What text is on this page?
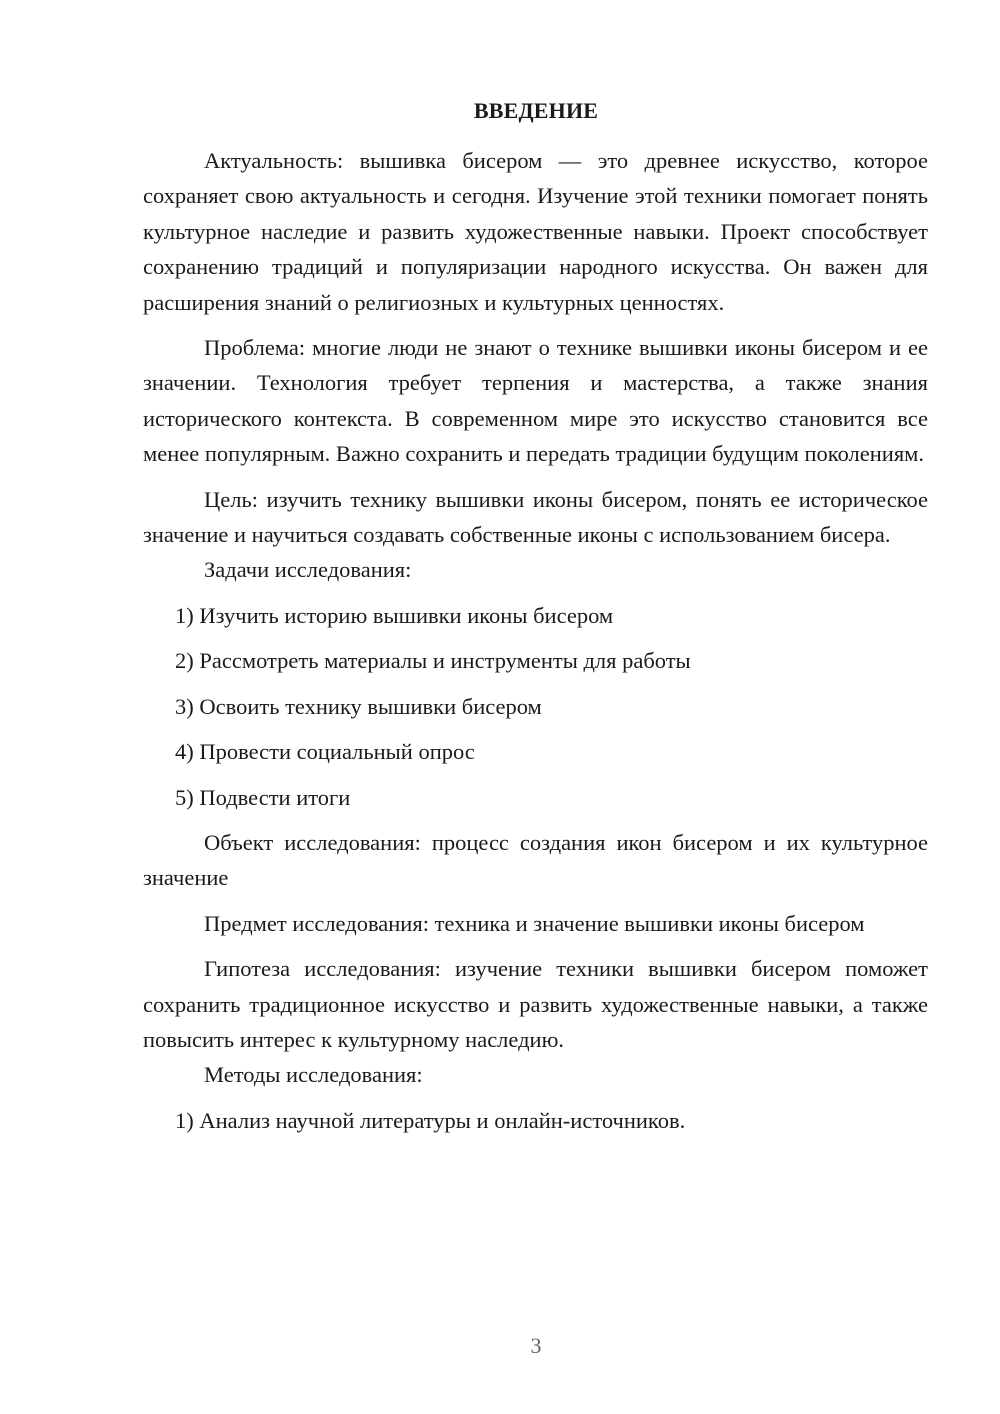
ВВЕДЕНИЕ

Актуальность: вышивка бисером — это древнее искусство, которое сохраняет свою актуальность и сегодня. Изучение этой техники помогает понять культурное наследие и развить художественные навыки. Проект способствует сохранению традиций и популяризации народного искусства. Он важен для расширения знаний о религиозных и культурных ценностях.

Проблема: многие люди не знают о технике вышивки иконы бисером и ее значении. Технология требует терпения и мастерства, а также знания исторического контекста. В современном мире это искусство становится все менее популярным. Важно сохранить и передать традиции будущим поколениям.

Цель: изучить технику вышивки иконы бисером, понять ее историческое значение и научиться создавать собственные иконы с использованием бисера.

Задачи исследования:

1) Изучить историю вышивки иконы бисером

2) Рассмотреть материалы и инструменты для работы

3) Освоить технику вышивки бисером

4) Провести социальный опрос

5) Подвести итоги

Объект исследования: процесс создания икон бисером и их культурное значение

Предмет исследования: техника и значение вышивки иконы бисером

Гипотеза исследования: изучение техники вышивки бисером поможет сохранить традиционное искусство и развить художественные навыки, а также повысить интерес к культурному наследию.

Методы исследования:

1) Анализ научной литературы и онлайн-источников.

3
